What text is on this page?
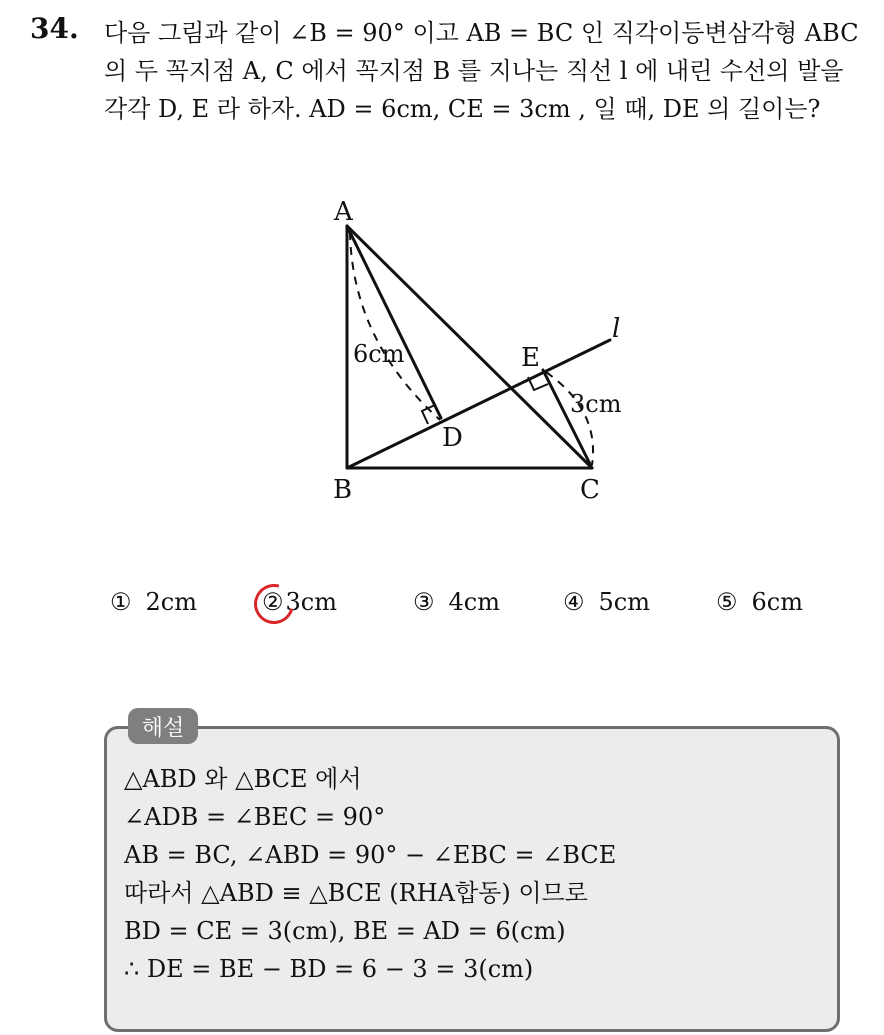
34. 다음 그림과 같이 ∠B = 90° 이고 AB = BC 인 직각이등변삼각형 ABC 의 두 꼭지점 A, C 에서 꼭지점 B 를 지나는 직선 l 에 내린 수선의 발을 각각 D, E 라 하자. AD = 6cm, CE = 3cm , 일 때, DE 의 길이는?
A
B	C
D
E
l
6cm
3cm
① 2cm	②3cm	③ 4cm	④ 5cm	⑤ 6cm
해설
△ABD 와 △BCE 에서
∠ADB = ∠BEC = 90°
AB = BC, ∠ABD = 90° − ∠EBC = ∠BCE
따라서 △ABD ≡ △BCE (RHA합동) 이므로
BD = CE = 3(cm), BE = AD = 6(cm)
∴ DE = BE − BD = 6 − 3 = 3(cm)
